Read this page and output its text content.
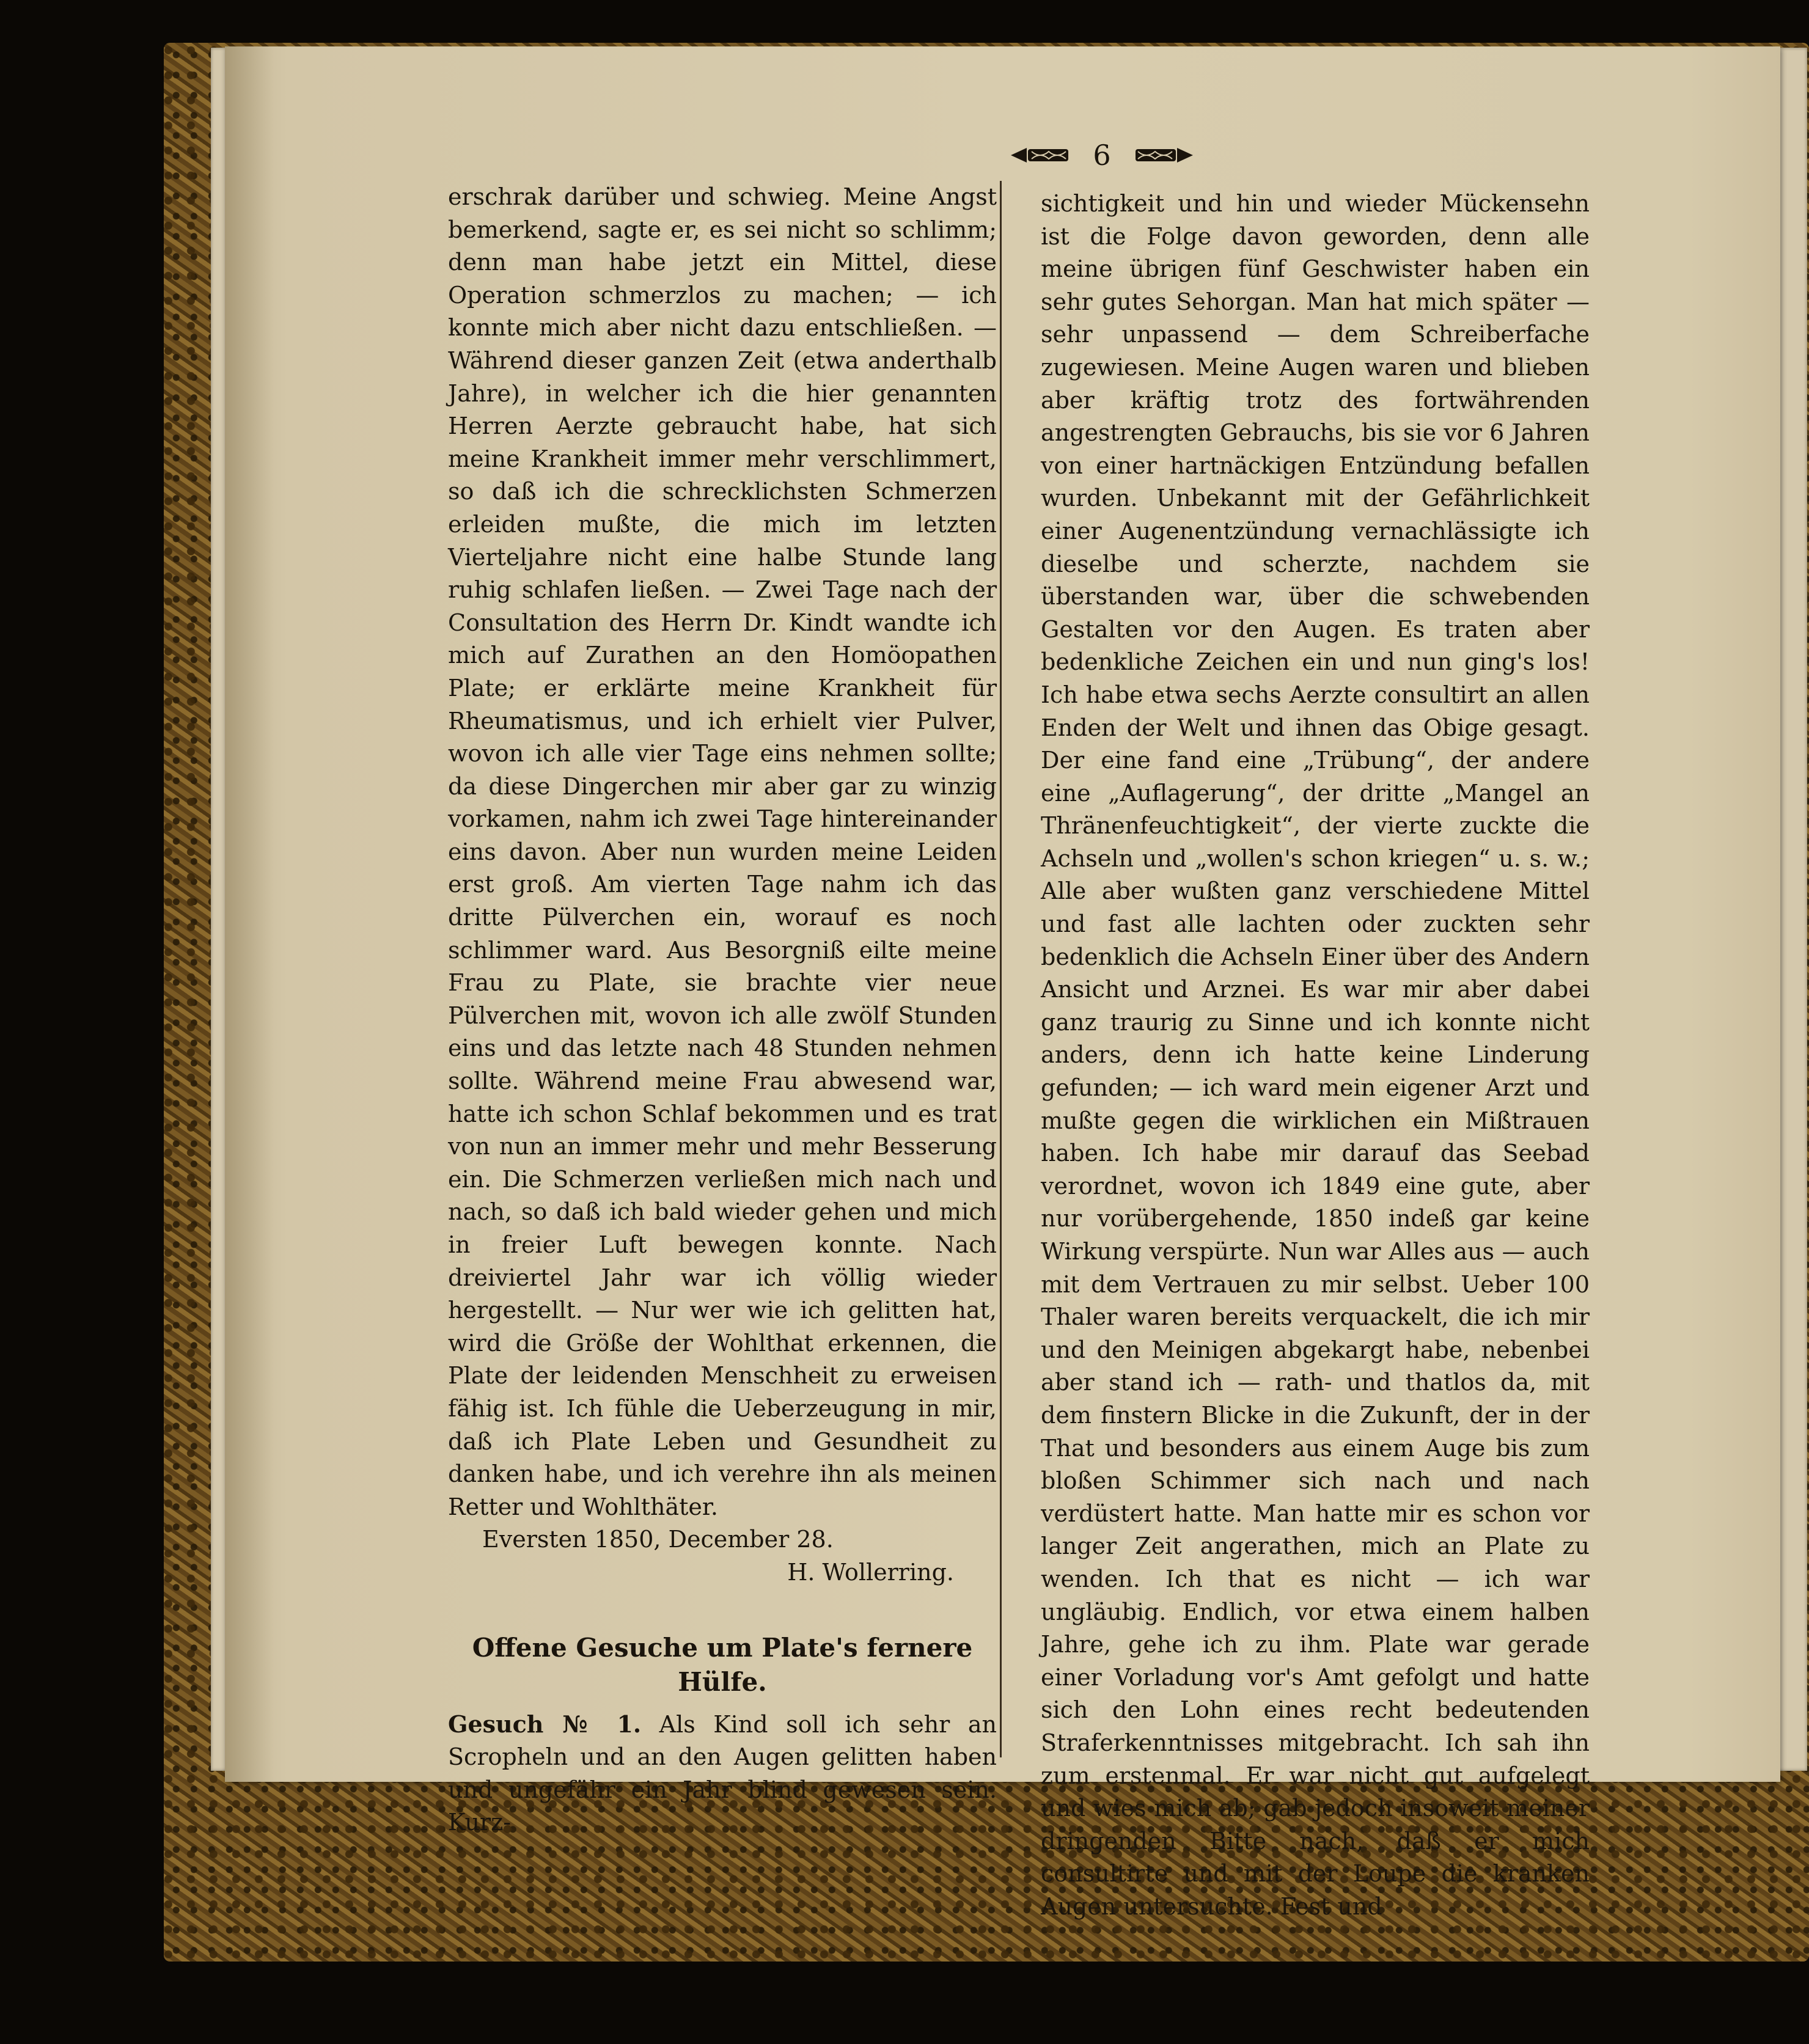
6

erschrak darüber und schwieg. Meine Angst bemerkend, sagte er, es sei nicht so schlimm; denn man habe jetzt ein Mittel, diese Operation schmerzlos zu machen; — ich konnte mich aber nicht dazu entschließen. — Während dieser ganzen Zeit (etwa anderthalb Jahre), in welcher ich die hier genannten Herren Aerzte gebraucht habe, hat sich meine Krankheit immer mehr verschlimmert, so daß ich die schrecklichsten Schmerzen erleiden mußte, die mich im letzten Vierteljahre nicht eine halbe Stunde lang ruhig schlafen ließen. — Zwei Tage nach der Consultation des Herrn Dr. Kindt wandte ich mich auf Zurathen an den Homöopathen Plate; er erklärte meine Krankheit für Rheumatismus, und ich erhielt vier Pulver, wovon ich alle vier Tage eins nehmen sollte; da diese Dingerchen mir aber gar zu winzig vorkamen, nahm ich zwei Tage hintereinander eins davon. Aber nun wurden meine Leiden erst groß. Am vierten Tage nahm ich das dritte Pülverchen ein, worauf es noch schlimmer ward. Aus Besorgniß eilte meine Frau zu Plate, sie brachte vier neue Pülverchen mit, wovon ich alle zwölf Stunden eins und das letzte nach 48 Stunden nehmen sollte. Während meine Frau abwesend war, hatte ich schon Schlaf bekommen und es trat von nun an immer mehr und mehr Besserung ein. Die Schmerzen verließen mich nach und nach, so daß ich bald wieder gehen und mich in freier Luft bewegen konnte. Nach dreiviertel Jahr war ich völlig wieder hergestellt. — Nur wer wie ich gelitten hat, wird die Größe der Wohlthat erkennen, die Plate der leidenden Menschheit zu erweisen fähig ist. Ich fühle die Ueberzeugung in mir, daß ich Plate Leben und Gesundheit zu danken habe, und ich verehre ihn als meinen Retter und Wohlthäter.

Eversten 1850, December 28.

H. Wollerring.

Offene Gesuche um Plate's fernere Hülfe.

Gesuch № 1. Als Kind soll ich sehr an Scropheln und an den Augen gelitten haben und ungefähr ein Jahr blind gewesen sein. Kurz-

sichtigkeit und hin und wieder Mückensehn ist die Folge davon geworden, denn alle meine übrigen fünf Geschwister haben ein sehr gutes Sehorgan. Man hat mich später — sehr unpassend — dem Schreiberfache zugewiesen. Meine Augen waren und blieben aber kräftig trotz des fortwährenden angestrengten Gebrauchs, bis sie vor 6 Jahren von einer hartnäckigen Entzündung befallen wurden. Unbekannt mit der Gefährlichkeit einer Augenentzündung vernachlässigte ich dieselbe und scherzte, nachdem sie überstanden war, über die schwebenden Gestalten vor den Augen. Es traten aber bedenkliche Zeichen ein und nun ging's los! Ich habe etwa sechs Aerzte consultirt an allen Enden der Welt und ihnen das Obige gesagt. Der eine fand eine „Trübung“, der andere eine „Auflagerung“, der dritte „Mangel an Thränenfeuchtigkeit“, der vierte zuckte die Achseln und „wollen's schon kriegen“ u. s. w.; Alle aber wußten ganz verschiedene Mittel und fast alle lachten oder zuckten sehr bedenklich die Achseln Einer über des Andern Ansicht und Arznei. Es war mir aber dabei ganz traurig zu Sinne und ich konnte nicht anders, denn ich hatte keine Linderung gefunden; — ich ward mein eigener Arzt und mußte gegen die wirklichen ein Mißtrauen haben. Ich habe mir darauf das Seebad verordnet, wovon ich 1849 eine gute, aber nur vorübergehende, 1850 indeß gar keine Wirkung verspürte. Nun war Alles aus — auch mit dem Vertrauen zu mir selbst. Ueber 100 Thaler waren bereits verquackelt, die ich mir und den Meinigen abgekargt habe, nebenbei aber stand ich — rath- und thatlos da, mit dem finstern Blicke in die Zukunft, der in der That und besonders aus einem Auge bis zum bloßen Schimmer sich nach und nach verdüstert hatte. Man hatte mir es schon vor langer Zeit angerathen, mich an Plate zu wenden. Ich that es nicht — ich war ungläubig. Endlich, vor etwa einem halben Jahre, gehe ich zu ihm. Plate war gerade einer Vorladung vor's Amt gefolgt und hatte sich den Lohn eines recht bedeutenden Straferkenntnisses mitgebracht. Ich sah ihn zum erstenmal. Er war nicht gut aufgelegt und wies mich ab; gab jedoch insoweit meiner dringenden Bitte nach, daß er mich consultirte und mit der Loupe die kranken Augen untersuchte. Fest und
